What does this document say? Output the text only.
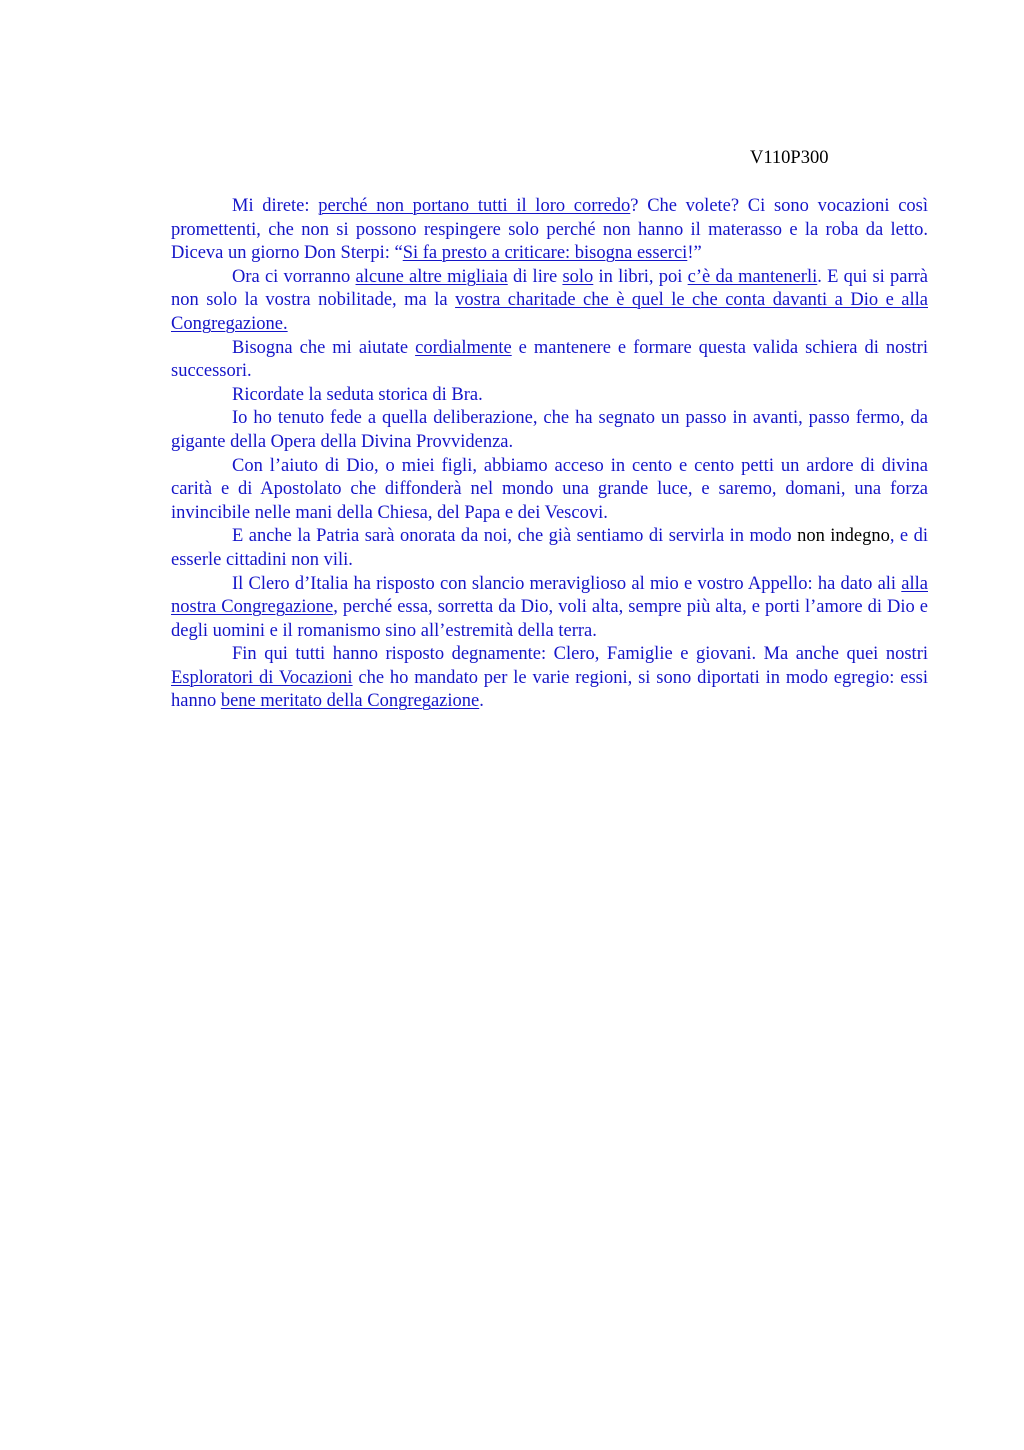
V110P300

Mi direte: perché non portano tutti il loro corredo? Che volete? Ci sono vocazioni così promettenti, che non si possono respingere solo perché non hanno il materasso e la roba da letto. Diceva un giorno Don Sterpi: “Si fa presto a criticare: bisogna esserci!”

Ora ci vorranno alcune altre migliaia di lire solo in libri, poi c’è da mantenerli. E qui si parrà non solo la vostra nobilitade, ma la vostra charitade che è quel le che conta davanti a Dio e alla Congregazione.

Bisogna che mi aiutate cordialmente e mantenere e formare questa valida schiera di nostri successori.

Ricordate la seduta storica di Bra.

Io ho tenuto fede a quella deliberazione, che ha segnato un passo in avanti, passo fermo, da gigante della Opera della Divina Provvidenza.

Con l’aiuto di Dio, o miei figli, abbiamo acceso in cento e cento petti un ardore di divina carità e di Apostolato che diffonderà nel mondo una grande luce, e saremo, domani, una forza invincibile nelle mani della Chiesa, del Papa e dei Vescovi.

E anche la Patria sarà onorata da noi, che già sentiamo di servirla in modo non indegno, e di esserle cittadini non vili.

Il Clero d’Italia ha risposto con slancio meraviglioso al mio e vostro Appello: ha dato ali alla nostra Congregazione, perché essa, sorretta da Dio, voli alta, sempre più alta, e porti l’amore di Dio e degli uomini e il romanismo sino all’estremità della terra.

Fin qui tutti hanno risposto degnamente: Clero, Famiglie e giovani. Ma anche quei nostri Esploratori di Vocazioni che ho mandato per le varie regioni, si sono diportati in modo egregio: essi hanno bene meritato della Congregazione.
